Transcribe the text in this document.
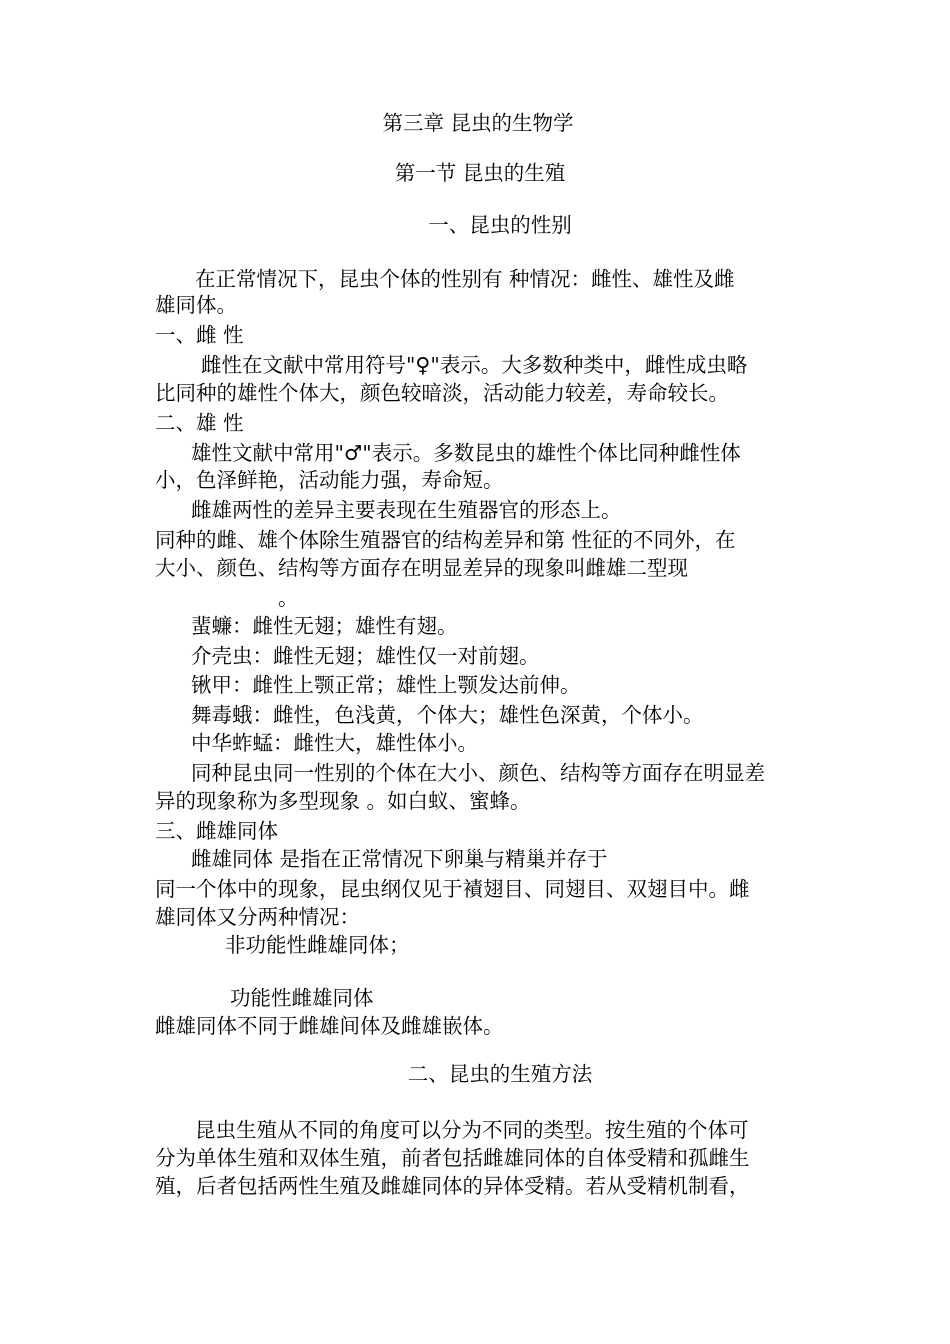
第三章 昆虫的生物学
第一节 昆虫的生殖
一、昆虫的性别
在正常情况下，昆虫个体的性别有 种情况：雌性、雄性及雌
雄同体。
一、雌 性
雌性在文献中常用符号"♀"表示。大多数种类中，雌性成虫略
比同种的雄性个体大，颜色较暗淡，活动能力较差，寿命较长。
二、雄 性
雄性文献中常用"♂"表示。多数昆虫的雄性个体比同种雌性体
小，色泽鲜艳，活动能力强，寿命短。
雌雄两性的差异主要表现在生殖器官的形态上。
同种的雌、雄个体除生殖器官的结构差异和第 性征的不同外，在
大小、颜色、结构等方面存在明显差异的现象叫雌雄二型现
。
蜚蠊：雌性无翅；雄性有翅。
介壳虫：雌性无翅；雄性仅一对前翅。
锹甲：雌性上颚正常；雄性上颚发达前伸。
舞毒蛾：雌性，色浅黄，个体大；雄性色深黄，个体小。
中华蚱蜢：雌性大，雄性体小。
同种昆虫同一性别的个体在大小、颜色、结构等方面存在明显差
异的现象称为多型现象 。如白蚁、蜜蜂。
三、雌雄同体
雌雄同体 是指在正常情况下卵巢与精巢并存于
同一个体中的现象，昆虫纲仅见于襀翅目、同翅目、双翅目中。雌
雄同体又分两种情况：
非功能性雌雄同体；
功能性雌雄同体
雌雄同体不同于雌雄间体及雌雄嵌体。
二、昆虫的生殖方法
昆虫生殖从不同的角度可以分为不同的类型。按生殖的个体可
分为单体生殖和双体生殖，前者包括雌雄同体的自体受精和孤雌生
殖，后者包括两性生殖及雌雄同体的异体受精。若从受精机制看，
